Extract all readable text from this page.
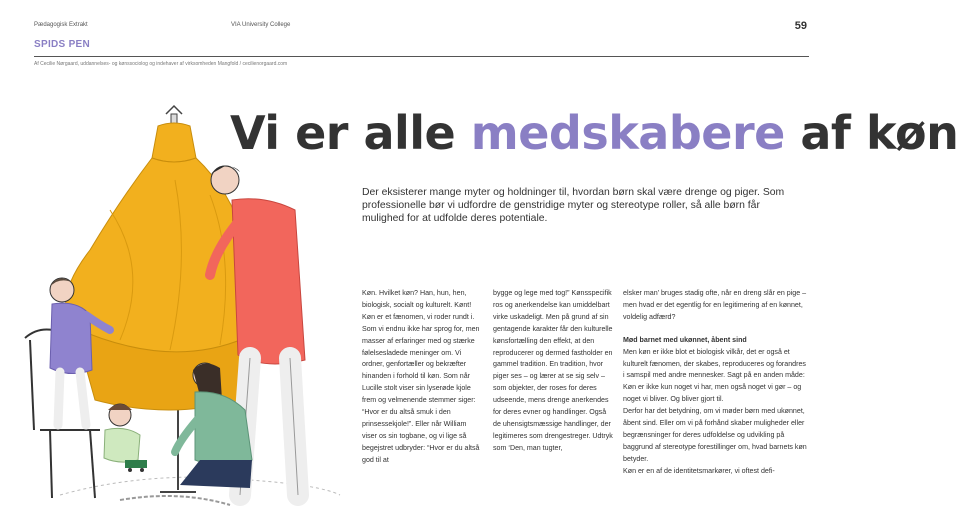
Pædagogisk Extrakt	VIA University College	59
SPIDS PEN
Af Cecilie Nørgaard, uddannelses- og kønssociolog og indehaver af virksomheden Mangfold / cecilienorgaard.com
Vi er alle medskabere af køn
Der eksisterer mange myter og holdninger til, hvordan børn skal være drenge og piger. Som professionelle bør vi udfordre de genstridige myter og stereotype roller, så alle børn får mulighed for at udfolde deres potentiale.

Køn. Hvilket køn? Han, hun, hen, biologisk, socialt og kulturelt. Kønt!

Køn er et fænomen, vi roder rundt i. Som vi endnu ikke har sprog for, men masser af erfaringer med og stærke følelsesladede meninger om. Vi ordner, genfortæller og bekræfter hinanden i forhold til køn. Som når Lucille stolt viser sin lyserøde kjole frem og velmenende stemmer siger: “Hvor er du altså smuk i den prinsessekjole!”. Eller når William viser os sin togbane, og vi lige så begejstret udbryder: “Hvor er du altså god til at

bygge og lege med tog!” Kønsspecifik ros og anerkendelse kan umiddelbart virke uskadeligt. Men på grund af sin gentagende karakter får den kulturelle kønsfortælling den effekt, at den reproducerer og dermed fastholder en gammel tradition. En tradition, hvor piger ses – og lærer at se sig selv – som objekter, der roses for deres udseende, mens drenge anerkendes for deres evner og handlinger. Også de uhensigtsmæssige handlinger, der legitimeres som drengestreger. Udtryk som ‘Den, man tugter,

elsker man’ bruges stadig ofte, når en dreng slår en pige – men hvad er det egentlig for en legitimering af en kønnet, voldelig adfærd?

Mød barnet med ukønnet, åbent sind

Men køn er ikke blot et biologisk vilkår, det er også et kulturelt fænomen, der skabes, reproduceres og forandres i samspil med andre mennesker. Sagt på en anden måde: Køn er ikke kun noget vi har, men også noget vi gør – og noget vi bliver. Og bliver gjort til.

Derfor har det betydning, om vi møder børn med ukønnet, åbent sind. Eller om vi på forhånd skaber muligheder eller begrænsninger for deres udfoldelse og udvikling på baggrund af stereotype forestillinger om, hvad barnets køn betyder.

Køn er en af de identitetsmarkører, vi oftest defi-
